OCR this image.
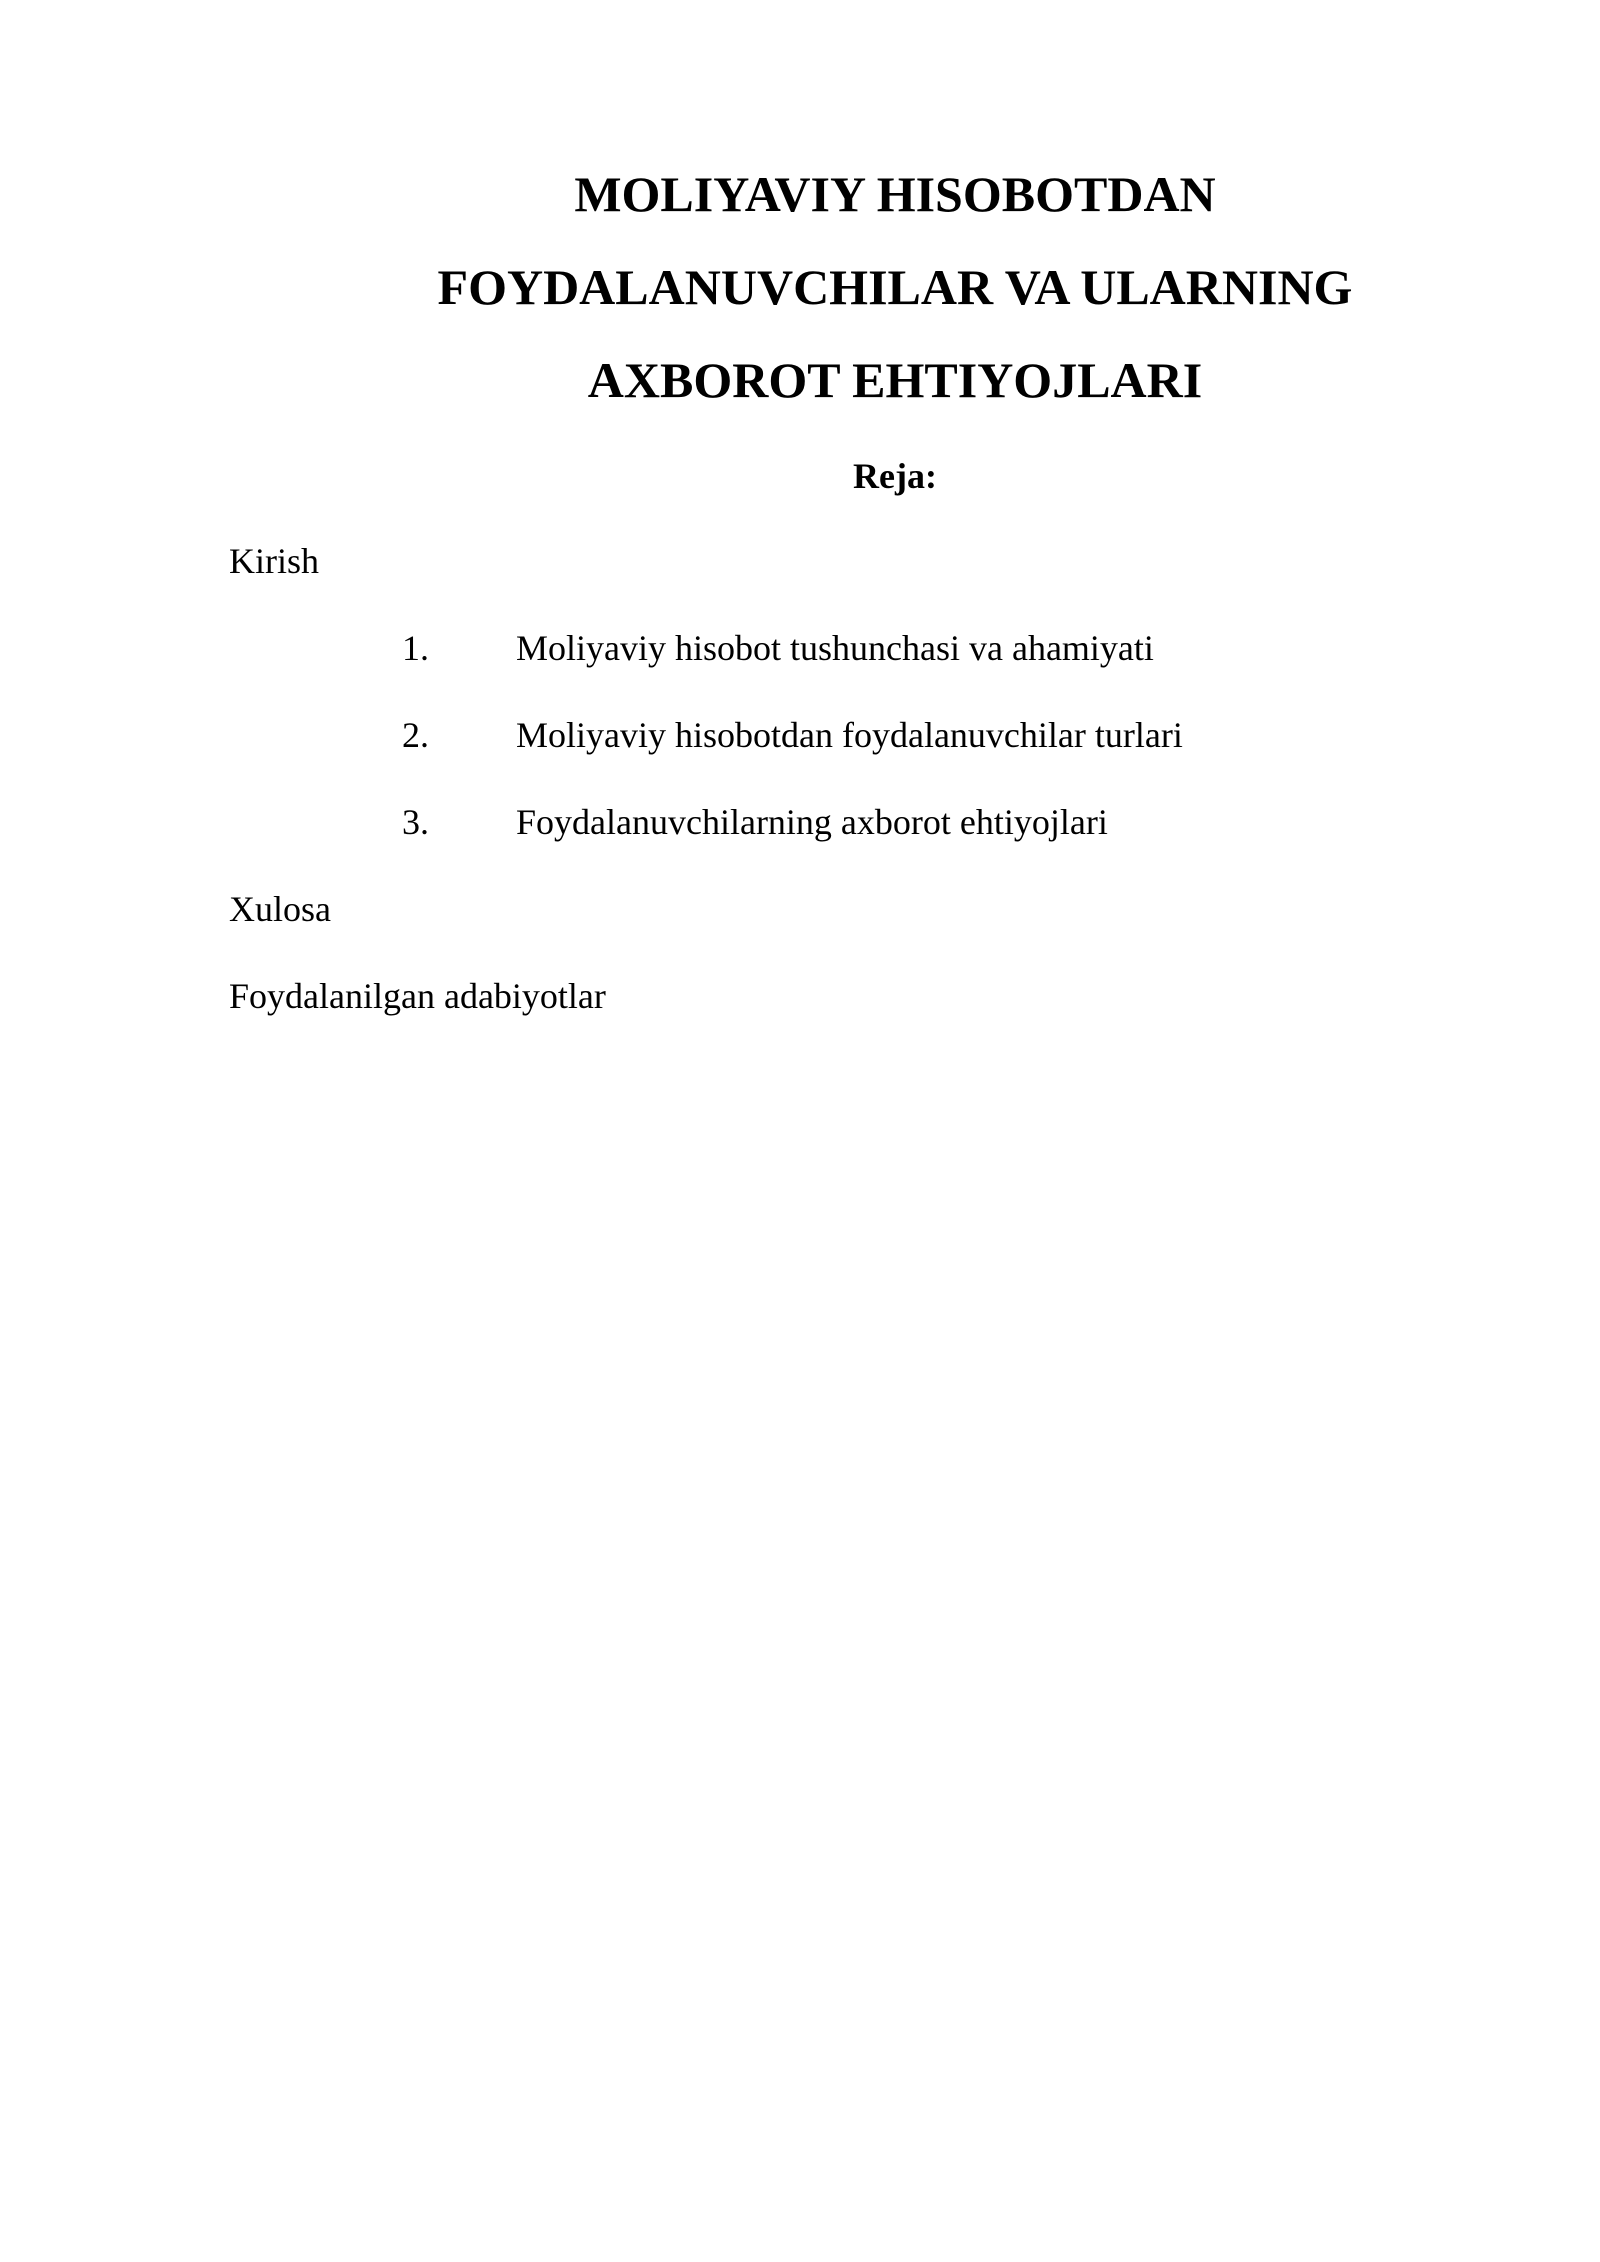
MOLIYAVIY HISOBOTDAN
FOYDALANUVCHILAR VA ULARNING
AXBOROT EHTIYOJLARI

Reja:

Kirish

1. Moliyaviy hisobot tushunchasi va ahamiyati

2. Moliyaviy hisobotdan foydalanuvchilar turlari

3. Foydalanuvchilarning axborot ehtiyojlari

Xulosa

Foydalanilgan adabiyotlar
